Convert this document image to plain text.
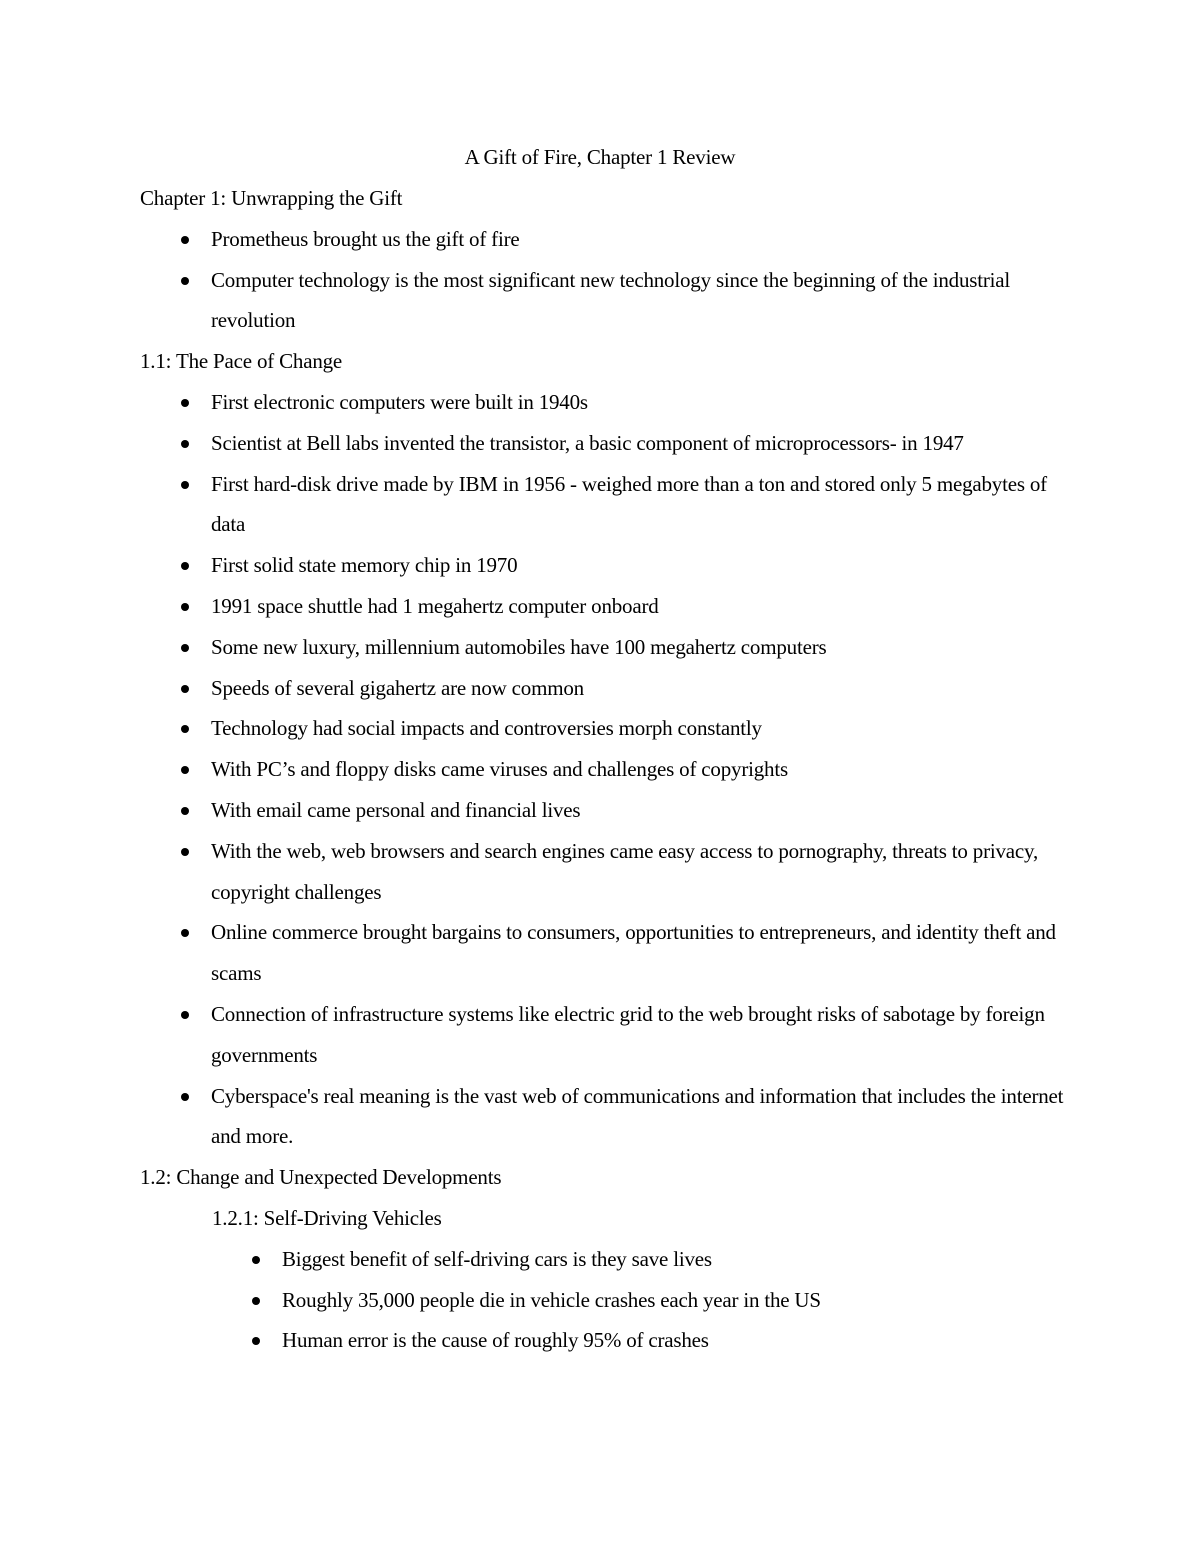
A Gift of Fire, Chapter 1 Review
Chapter 1: Unwrapping the Gift
Prometheus brought us the gift of fire
Computer technology is the most significant new technology since the beginning of the industrial revolution
1.1: The Pace of Change
First electronic computers were built in 1940s
Scientist at Bell labs invented the transistor, a basic component of microprocessors- in 1947
First hard-disk drive made by IBM in 1956 - weighed more than a ton and stored only 5 megabytes of data
First solid state memory chip in 1970
1991 space shuttle had 1 megahertz computer onboard
Some new luxury, millennium automobiles have 100 megahertz computers
Speeds of several gigahertz are now common
Technology had social impacts and controversies morph constantly
With PC’s and floppy disks came viruses and challenges of copyrights
With email came personal and financial lives
With the web, web browsers and search engines came easy access to pornography, threats to privacy, copyright challenges
Online commerce brought bargains to consumers, opportunities to entrepreneurs, and identity theft and scams
Connection of infrastructure systems like electric grid to the web brought risks of sabotage by foreign governments
Cyberspace's real meaning is the vast web of communications and information that includes the internet and more.
1.2: Change and Unexpected Developments
1.2.1: Self-Driving Vehicles
Biggest benefit of self-driving cars is they save lives
Roughly 35,000 people die in vehicle crashes each year in the US
Human error is the cause of roughly 95% of crashes
